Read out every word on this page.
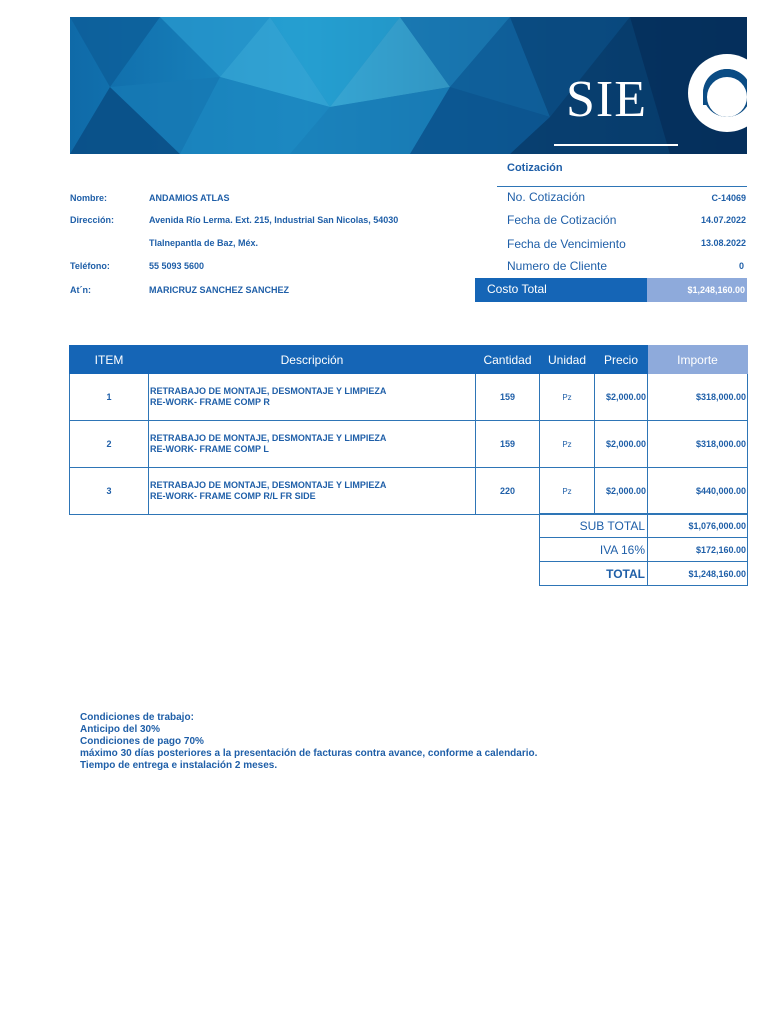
SIE
Nombre:	ANDAMIOS ATLAS
Dirección:	Avenida Río Lerma. Ext. 215, Industrial San Nicolas, 54030
Tlalnepantla de Baz, Méx.
Teléfono:	55 5093 5600
At´n:	MARICRUZ SANCHEZ SANCHEZ
Cotización
No. Cotización	C-14069
Fecha de Cotización	14.07.2022
Fecha de Vencimiento	13.08.2022
Numero de Cliente	0
Costo Total	$1,248,160.00
ITEM	Descripción	Cantidad	Unidad	Precio	Importe
1	RETRABAJO DE MONTAJE, DESMONTAJE Y LIMPIEZA
RE-WORK- FRAME COMP R	159	Pz	$2,000.00	$318,000.00
2	RETRABAJO DE MONTAJE, DESMONTAJE Y LIMPIEZA
RE-WORK- FRAME COMP L	159	Pz	$2,000.00	$318,000.00
3	RETRABAJO DE MONTAJE, DESMONTAJE Y LIMPIEZA
RE-WORK- FRAME COMP R/L FR SIDE	220	Pz	$2,000.00	$440,000.00
SUB TOTAL	$1,076,000.00
IVA 16%	$172,160.00
TOTAL	$1,248,160.00
Condiciones de trabajo:
Anticipo del 30%
Condiciones de pago 70%
máximo 30 días posteriores a la presentación de facturas contra avance, conforme a calendario.
Tiempo de entrega e instalación 2 meses.
